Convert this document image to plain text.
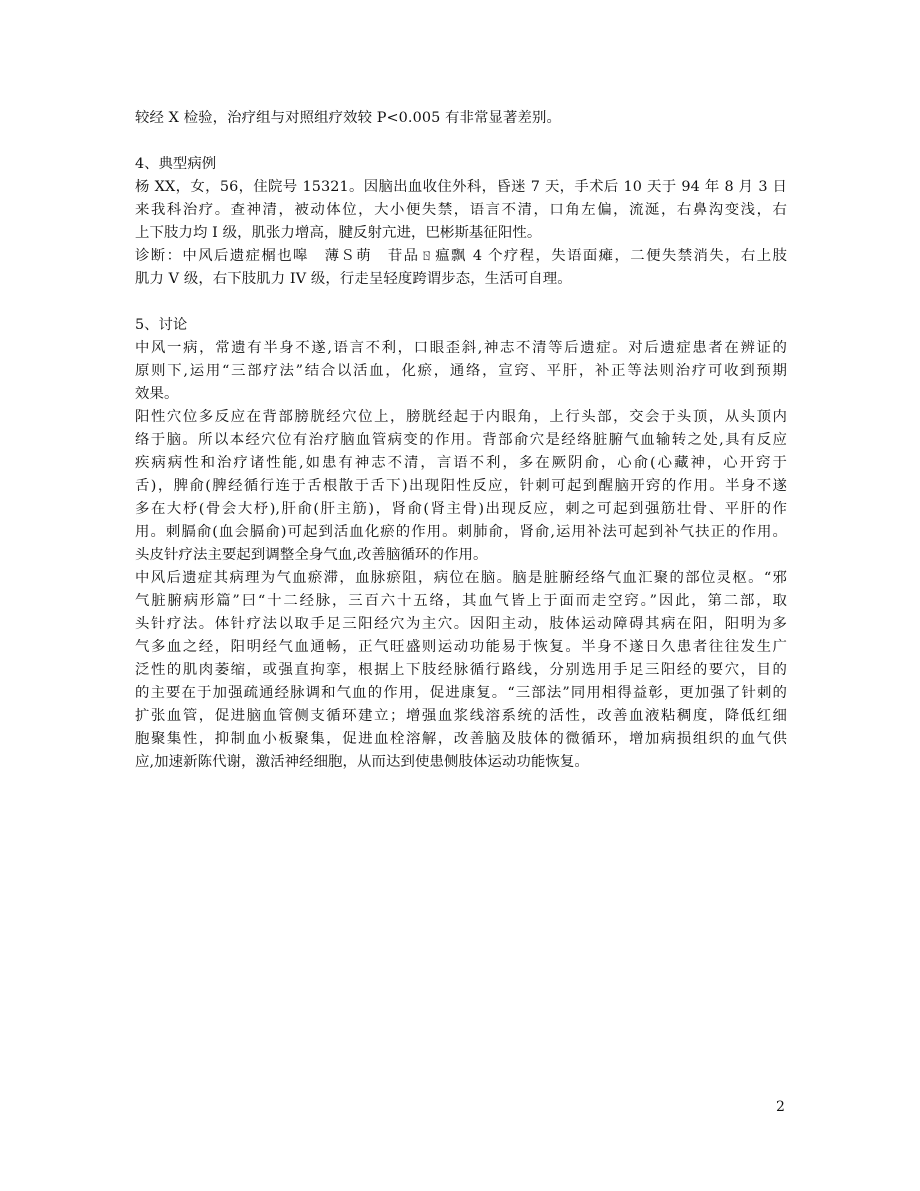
较经 X 检验，治疗组与对照组疗效较 P<0.005 有非常显著差别。
4、典型病例
杨 XX，女，56，住院号 15321。因脑出血收住外科，昏迷 7 天，手术后 10 天于 94 年 8 月 3 日
来我科治疗。查神清，被动体位，大小便失禁，语言不清，口角左偏，流涎，右鼻沟变浅，右
上下肢力均 I 级，肌张力增高，腱反射亢进，巴彬斯基征阳性。
诊断：中风后遗症榍也嗥　薄Ｓ萌　苷品ㄖ瘟飘 4 个疗程，失语面瘫，二便失禁消失，右上肢
肌力 V 级，右下肢肌力 IV 级，行走呈轻度跨谓步态，生活可自理。
5、讨论
中风一病，常遗有半身不遂,语言不利，口眼歪斜,神志不清等后遗症。对后遗症患者在辨证的
原则下,运用“三部疗法”结合以活血，化瘀，通络，宣窍、平肝，补正等法则治疗可收到预期
效果。
阳性穴位多反应在背部膀胱经穴位上，膀胱经起于内眼角，上行头部，交会于头顶，从头顶内
络于脑。所以本经穴位有治疗脑血管病变的作用。背部俞穴是经络脏腑气血输转之处,具有反应
疾病病性和治疗诸性能,如患有神志不清，言语不利，多在厥阴俞，心俞(心藏神，心开窍于
舌)，脾俞(脾经循行连于舌根散于舌下)出现阳性反应，针刺可起到醒脑开窍的作用。半身不遂
多在大杼(骨会大杼),肝俞(肝主筋)，肾俞(肾主骨)出现反应，刺之可起到强筋壮骨、平肝的作
用。刺膈俞(血会膈俞)可起到活血化瘀的作用。刺肺俞，肾俞,运用补法可起到补气扶正的作用。
头皮针疗法主要起到调整全身气血,改善脑循环的作用。
中风后遗症其病理为气血瘀滞，血脉瘀阻，病位在脑。脑是脏腑经络气血汇聚的部位灵枢。“邪
气脏腑病形篇”曰“十二经脉，三百六十五络，其血气皆上于面而走空窍。”因此，第二部，取
头针疗法。体针疗法以取手足三阳经穴为主穴。因阳主动，肢体运动障碍其病在阳，阳明为多
气多血之经，阳明经气血通畅，正气旺盛则运动功能易于恢复。半身不遂日久患者往往发生广
泛性的肌肉萎缩，或强直拘挛，根据上下肢经脉循行路线，分别选用手足三阳经的要穴，目的
的主要在于加强疏通经脉调和气血的作用，促进康复。“三部法”同用相得益彰，更加强了针刺的
扩张血管，促进脑血管侧支循环建立；增强血浆线溶系统的活性，改善血液粘稠度，降低红细
胞聚集性，抑制血小板聚集，促进血栓溶解，改善脑及肢体的微循环，增加病损组织的血气供
应,加速新陈代谢，激活神经细胞，从而达到使患侧肢体运动功能恢复。
2
